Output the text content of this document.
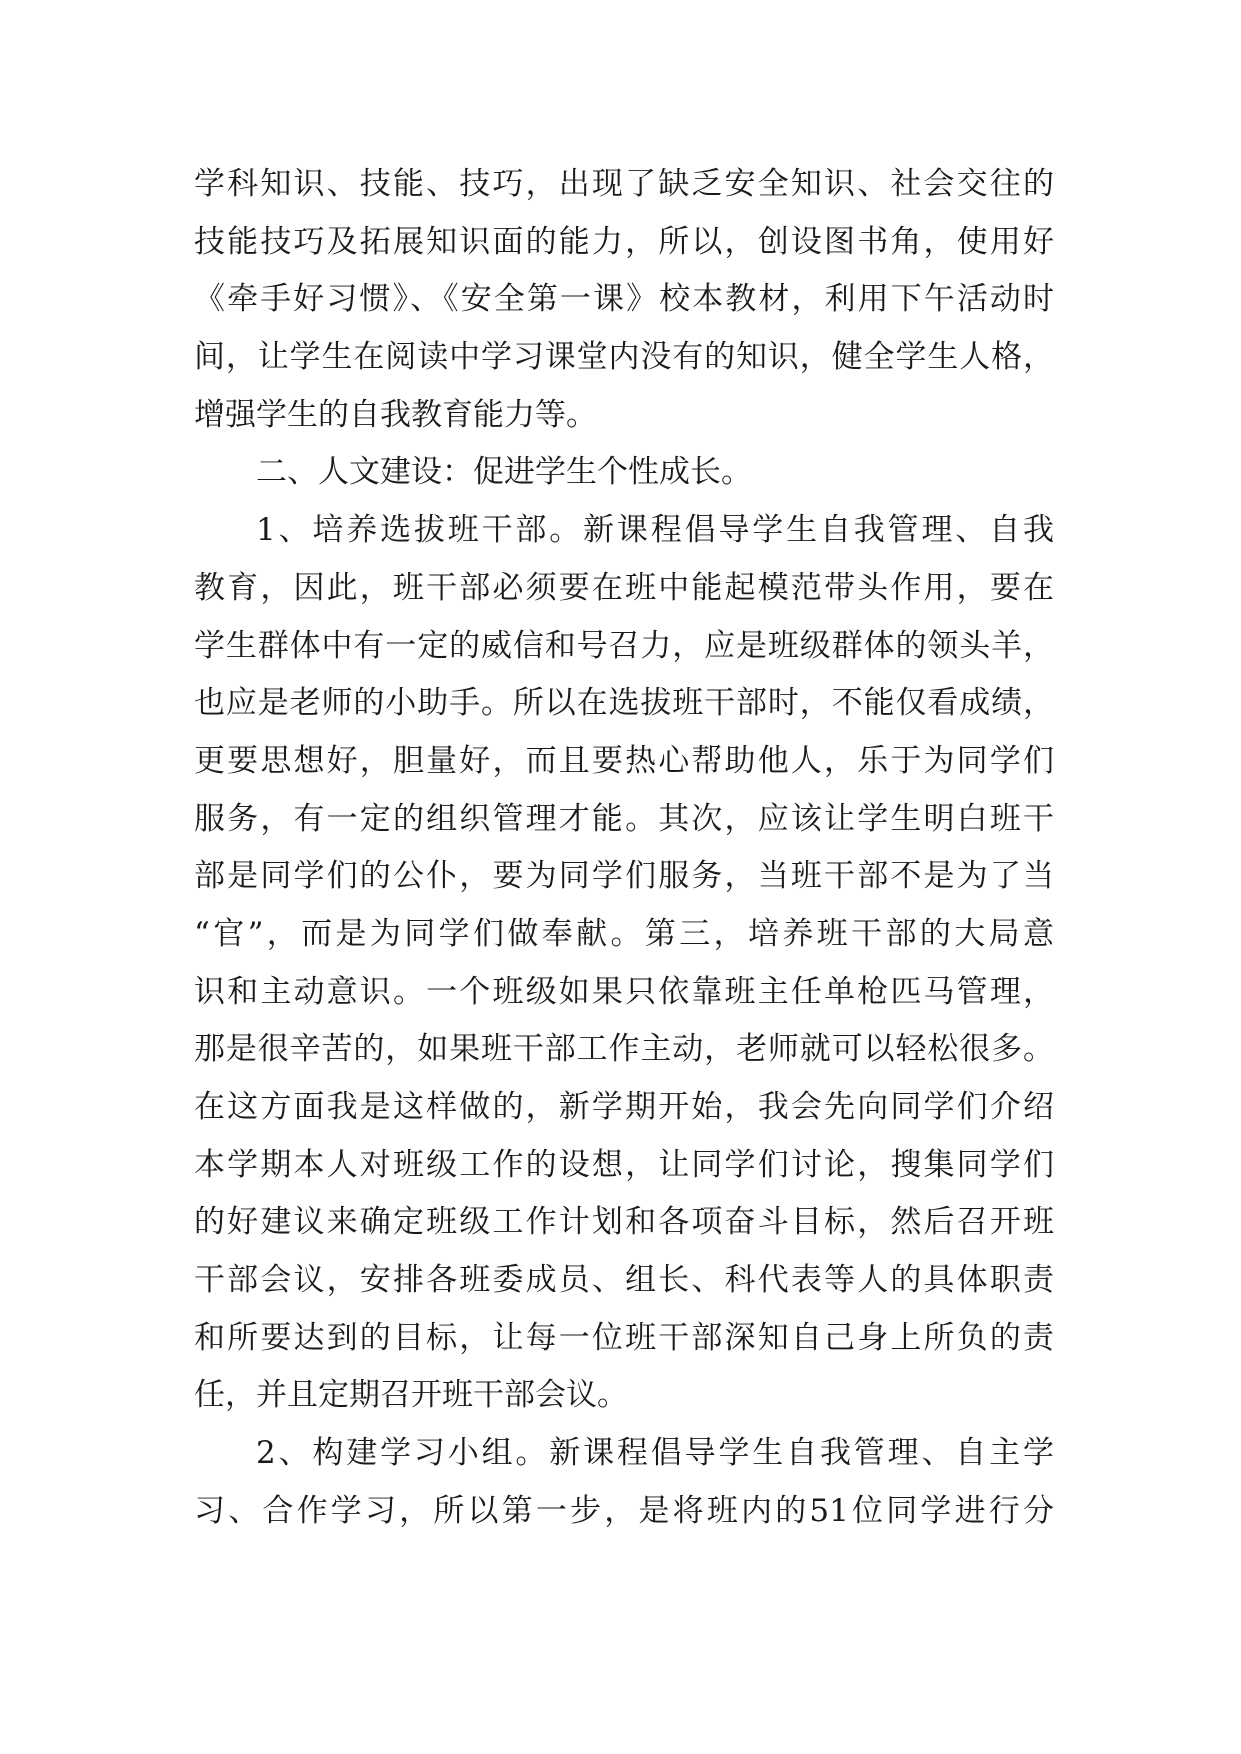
学科知识、技能、技巧，出现了缺乏安全知识、社会交往的
技能技巧及拓展知识面的能力，所以，创设图书角，使用好
《牵手好习惯》、《安全第一课》校本教材，利用下午活动时
间，让学生在阅读中学习课堂内没有的知识，健全学生人格，
增强学生的自我教育能力等。
二、人文建设：促进学生个性成长。
1、培养选拔班干部。新课程倡导学生自我管理、自我
教育，因此，班干部必须要在班中能起模范带头作用，要在
学生群体中有一定的威信和号召力，应是班级群体的领头羊，
也应是老师的小助手。所以在选拔班干部时，不能仅看成绩，
更要思想好，胆量好，而且要热心帮助他人，乐于为同学们
服务，有一定的组织管理才能。其次，应该让学生明白班干
部是同学们的公仆，要为同学们服务，当班干部不是为了当
“官”，而是为同学们做奉献。第三，培养班干部的大局意
识和主动意识。一个班级如果只依靠班主任单枪匹马管理，
那是很辛苦的，如果班干部工作主动，老师就可以轻松很多。
在这方面我是这样做的，新学期开始，我会先向同学们介绍
本学期本人对班级工作的设想，让同学们讨论，搜集同学们
的好建议来确定班级工作计划和各项奋斗目标，然后召开班
干部会议，安排各班委成员、组长、科代表等人的具体职责
和所要达到的目标，让每一位班干部深知自己身上所负的责
任，并且定期召开班干部会议。
2、构建学习小组。新课程倡导学生自我管理、自主学
习、合作学习，所以第一步，是将班内的51位同学进行分
